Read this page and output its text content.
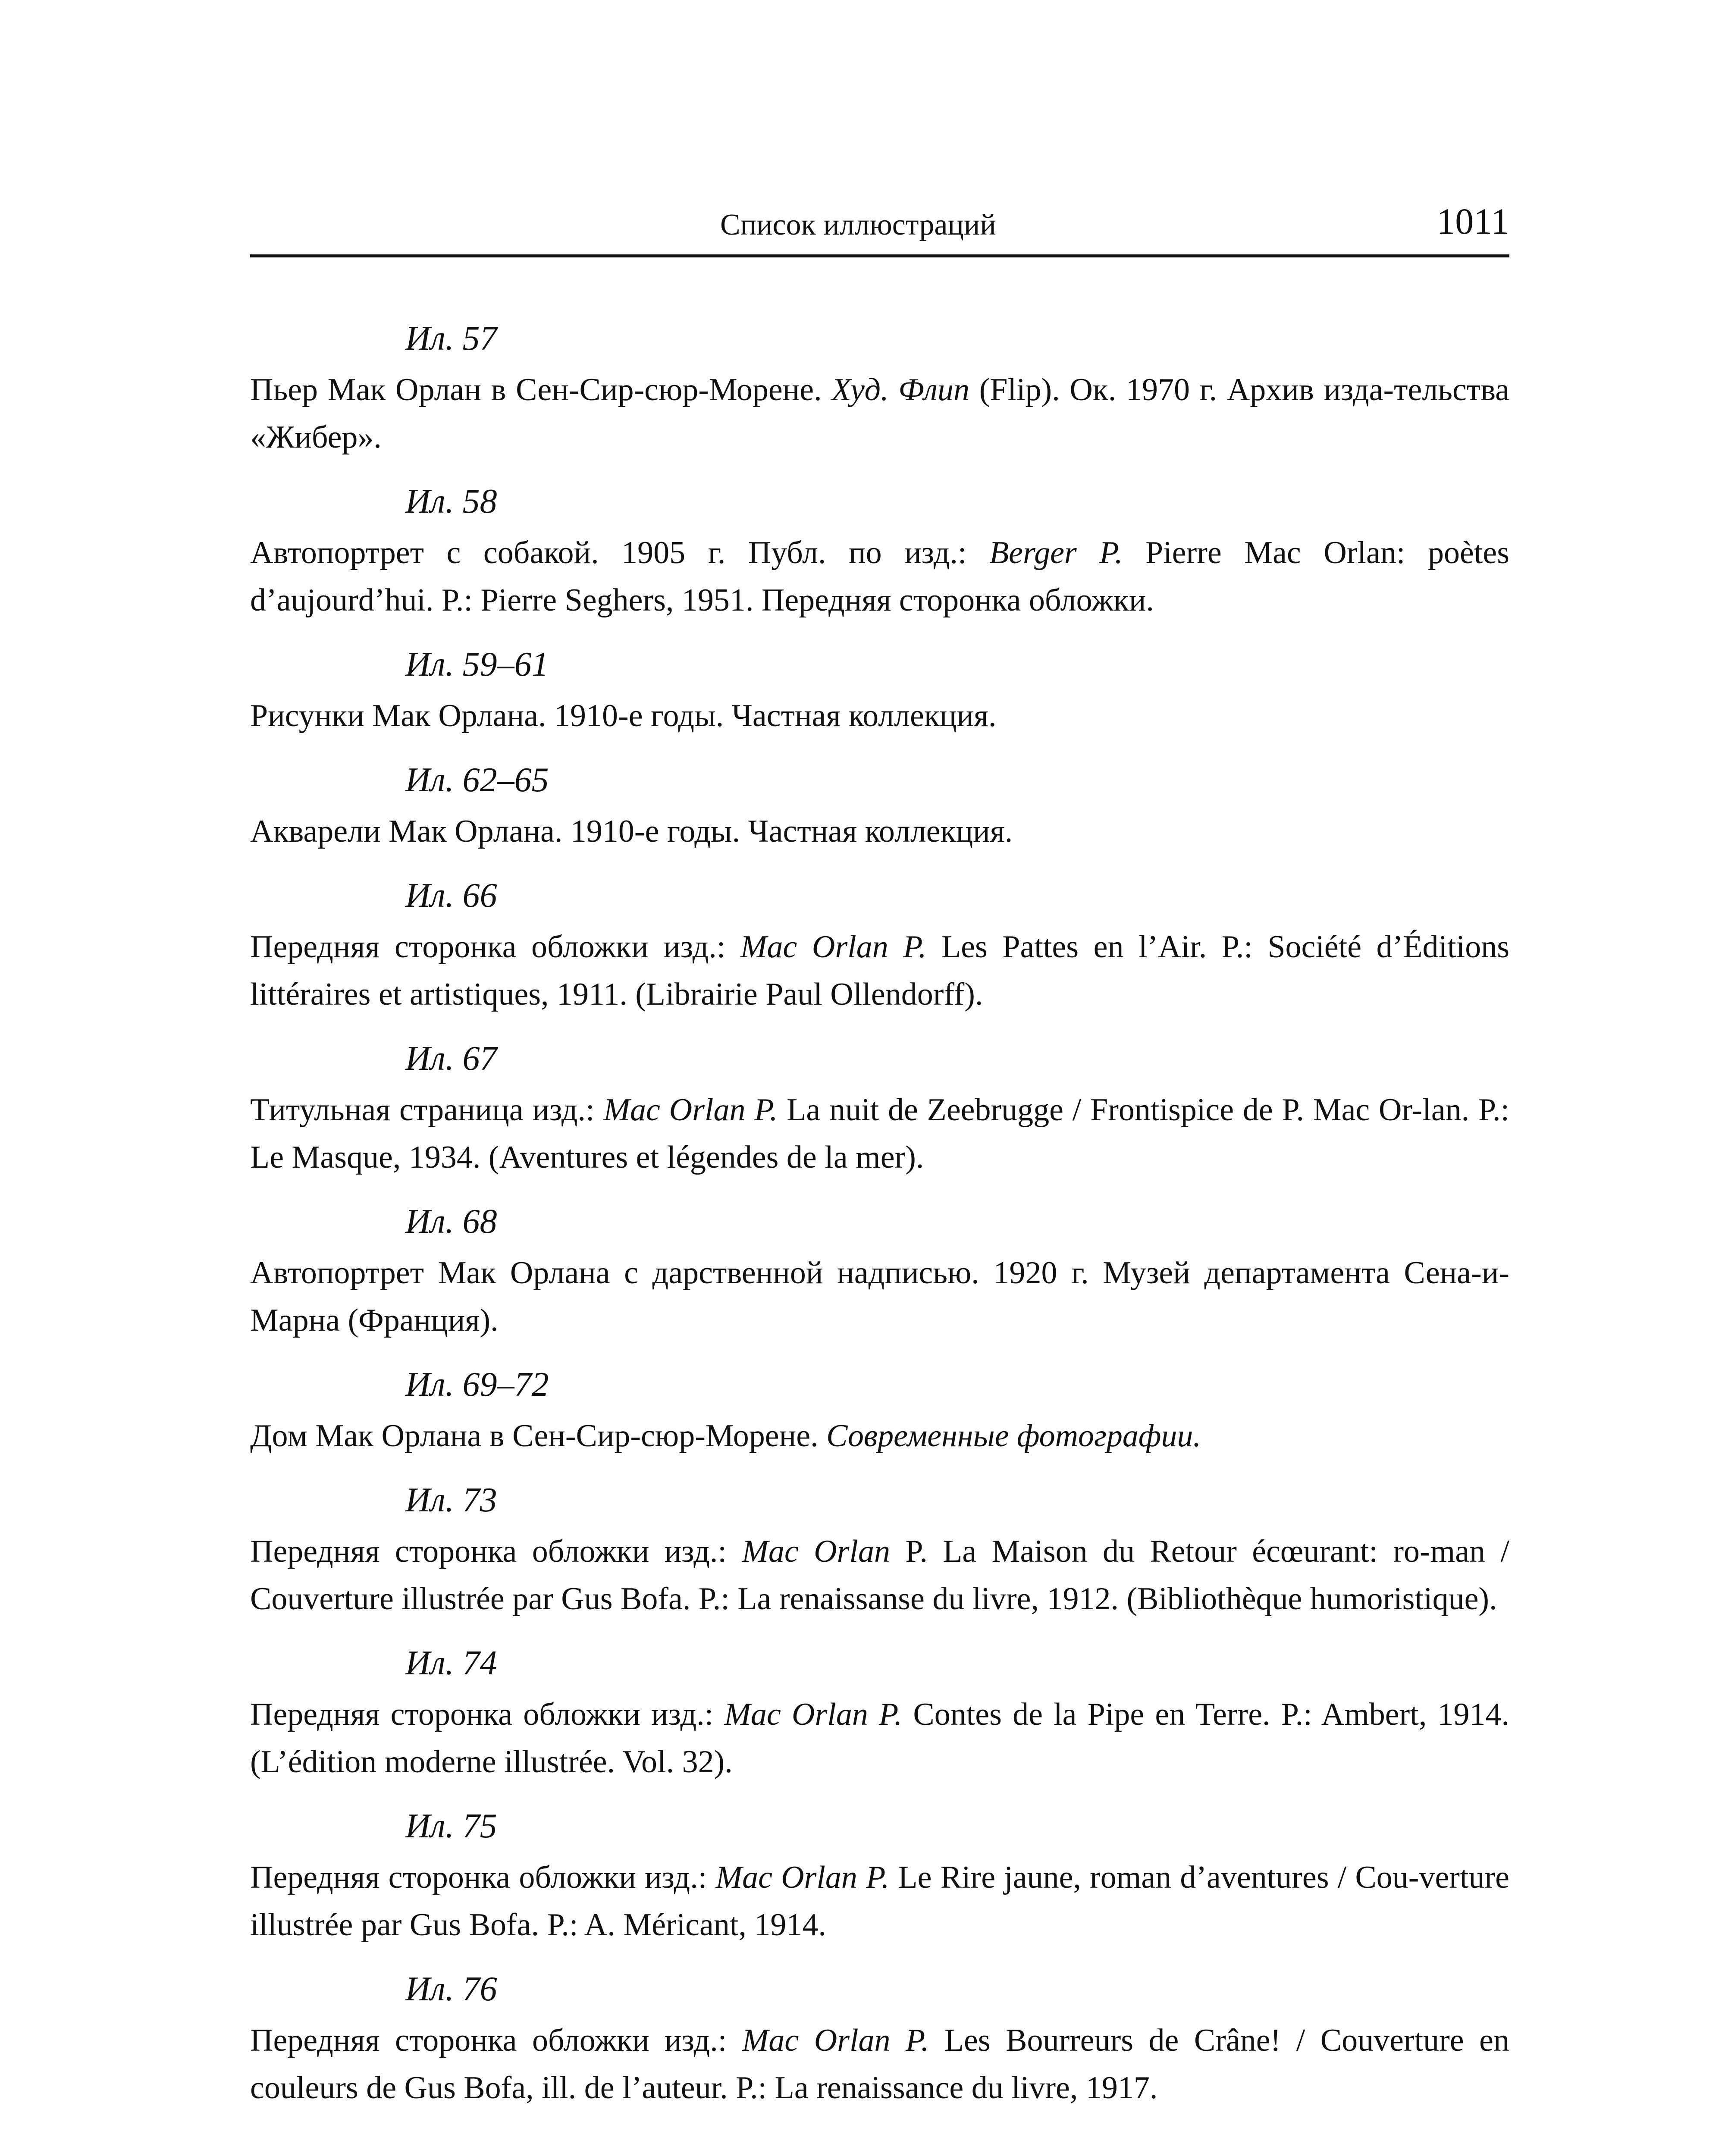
Список иллюстраций	1011
Ил. 57
Пьер Мак Орлан в Сен-Сир-сюр-Морене. Худ. Флип (Flip). Ок. 1970 г. Архив изда-тельства «Жибер».
Ил. 58
Автопортрет с собакой. 1905 г. Публ. по изд.: Berger P. Pierre Mac Orlan: poètes d’aujourd’hui. P.: Pierre Seghers, 1951. Передняя сторонка обложки.
Ил. 59–61
Рисунки Мак Орлана. 1910-е годы. Частная коллекция.
Ил. 62–65
Акварели Мак Орлана. 1910-е годы. Частная коллекция.
Ил. 66
Передняя сторонка обложки изд.: Mac Orlan P. Les Pattes en l’Air. P.: Société d’Éditions littéraires et artistiques, 1911. (Librairie Paul Ollendorff).
Ил. 67
Титульная страница изд.: Mac Orlan P. La nuit de Zeebrugge / Frontispice de P. Mac Or-lan. P.: Le Masque, 1934. (Aventures et légendes de la mer).
Ил. 68
Автопортрет Мак Орлана с дарственной надписью. 1920 г. Музей департамента Сена-и-Марна (Франция).
Ил. 69–72
Дом Мак Орлана в Сен-Сир-сюр-Морене. Современные фотографии.
Ил. 73
Передняя сторонка обложки изд.: Mac Orlan P. La Maison du Retour écœurant: ro-man / Couverture illustrée par Gus Bofa. P.: La renaissanse du livre, 1912. (Bibliothèque humoristique).
Ил. 74
Передняя сторонка обложки изд.: Mac Orlan P. Contes de la Pipe en Terre. P.: Ambert, 1914. (L’édition moderne illustrée. Vol. 32).
Ил. 75
Передняя сторонка обложки изд.: Mac Orlan P. Le Rire jaune, roman d’aventures / Cou-verture illustrée par Gus Bofa. P.: A. Méricant, 1914.
Ил. 76
Передняя сторонка обложки изд.: Mac Orlan P. Les Bourreurs de Crâne! / Couverture en couleurs de Gus Bofa, ill. de l’auteur. P.: La renaissance du livre, 1917.
